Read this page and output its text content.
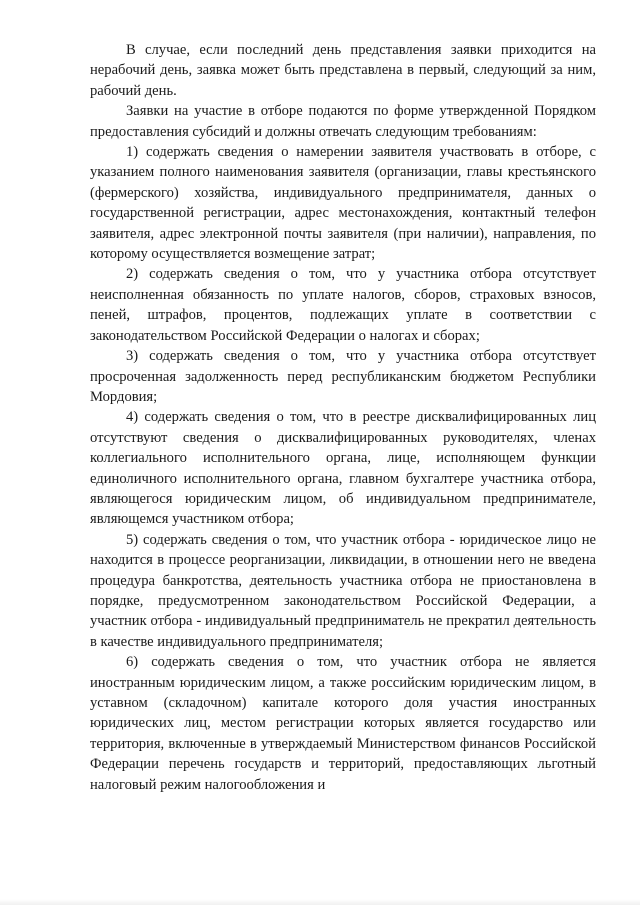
В случае, если последний день представления заявки приходится на нерабочий день, заявка может быть представлена в первый, следующий за ним, рабочий день.

Заявки на участие в отборе подаются по форме утвержденной Порядком предоставления субсидий и должны отвечать следующим требованиям:

1) содержать сведения о намерении заявителя участвовать в отборе, с указанием полного наименования заявителя (организации, главы крестьянского (фермерского) хозяйства, индивидуального предпринимателя, данных о государственной регистрации, адрес местонахождения, контактный телефон заявителя, адрес электронной почты заявителя (при наличии), направления, по которому осуществляется возмещение затрат;

2) содержать сведения о том, что у участника отбора отсутствует неисполненная обязанность по уплате налогов, сборов, страховых взносов, пеней, штрафов, процентов, подлежащих уплате в соответствии с законодательством Российской Федерации о налогах и сборах;

3) содержать сведения о том, что у участника отбора отсутствует просроченная задолженность перед республиканским бюджетом Республики Мордовия;

4) содержать сведения о том, что в реестре дисквалифицированных лиц отсутствуют сведения о дисквалифицированных руководителях, членах коллегиального исполнительного органа, лице, исполняющем функции единоличного исполнительного органа, главном бухгалтере участника отбора, являющегося юридическим лицом, об индивидуальном предпринимателе, являющемся участником отбора;

5) содержать сведения о том, что участник отбора - юридическое лицо не находится в процессе реорганизации, ликвидации, в отношении него не введена процедура банкротства, деятельность участника отбора не приостановлена в порядке, предусмотренном законодательством Российской Федерации, а участник отбора - индивидуальный предприниматель не прекратил деятельность в качестве индивидуального предпринимателя;

6) содержать сведения о том, что участник отбора не является иностранным юридическим лицом, а также российским юридическим лицом, в уставном (складочном) капитале которого доля участия иностранных юридических лиц, местом регистрации которых является государство или территория, включенные в утверждаемый Министерством финансов Российской Федерации перечень государств и территорий, предоставляющих льготный налоговый режим налогообложения и
